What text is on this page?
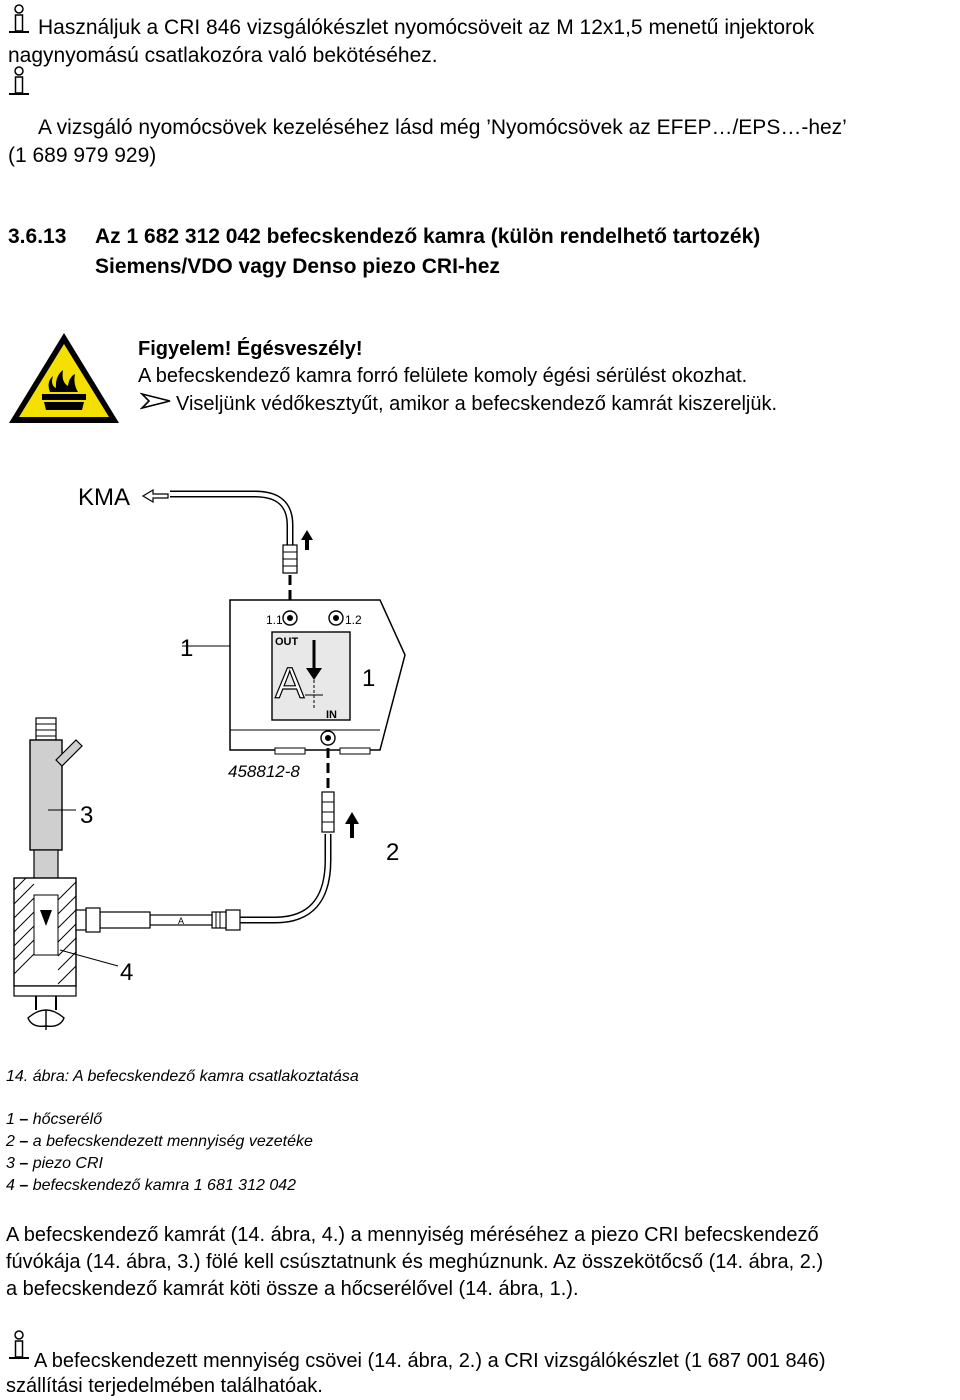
Használjuk a CRI 846 vizsgálókészlet nyomócsöveit az M 12x1,5 menetű injektorok
nagynyomású csatlakozóra való bekötéséhez.
A vizsgáló nyomócsövek kezeléséhez lásd még ’Nyomócsövek az EFEP…/EPS…-hez’
(1 689 979 929)
3.6.13 Az 1 682 312 042 befecskendező kamra (külön rendelhető tartozék)
Siemens/VDO vagy Denso piezo CRI-hez
Figyelem! Égésveszély!
A befecskendező kamra forró felülete komoly égési sérülést okozhat.
Viseljünk védőkesztyűt, amikor a befecskendező kamrát kiszereljük.
KMA
1
1.1	1.2
OUT
A
IN
1
458812-8
2
A
3
4
14. ábra: A befecskendező kamra csatlakoztatása
1 – hőcserélő
2 – a befecskendezett mennyiség vezetéke
3 – piezo CRI
4 – befecskendező kamra 1 681 312 042
A befecskendező kamrát (14. ábra, 4.) a mennyiség méréséhez a piezo CRI befecskendező
fúvókája (14. ábra, 3.) fölé kell csúsztatnunk és meghúznunk. Az összekötőcső (14. ábra, 2.)
a befecskendező kamrát köti össze a hőcserélővel (14. ábra, 1.).
A befecskendezett mennyiség csövei (14. ábra, 2.) a CRI vizsgálókészlet (1 687 001 846)
szállítási terjedelmében találhatóak.
